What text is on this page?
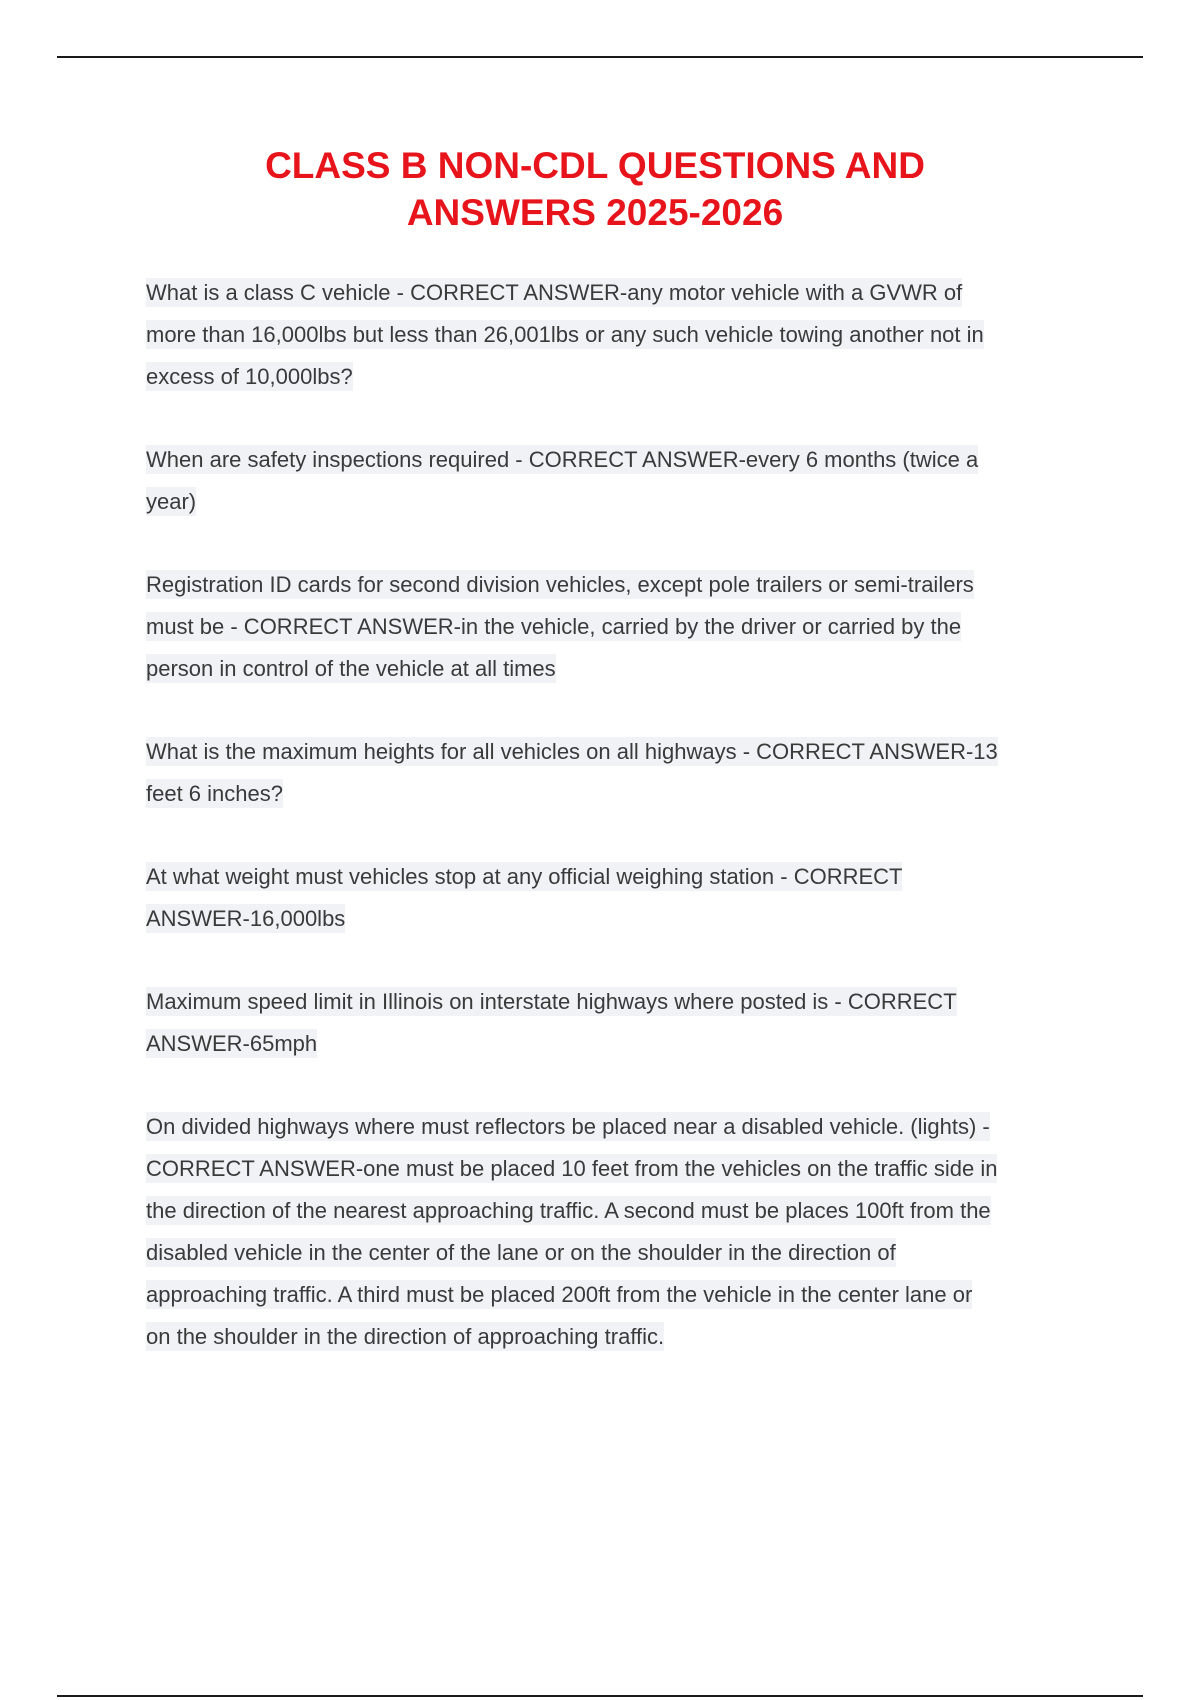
CLASS B NON-CDL QUESTIONS AND
ANSWERS 2025-2026

What is a class C vehicle - CORRECT ANSWER-any motor vehicle with a GVWR of
more than 16,000lbs but less than 26,001lbs or any such vehicle towing another not in
excess of 10,000lbs?

When are safety inspections required - CORRECT ANSWER-every 6 months (twice a
year)

Registration ID cards for second division vehicles, except pole trailers or semi-trailers
must be - CORRECT ANSWER-in the vehicle, carried by the driver or carried by the
person in control of the vehicle at all times

What is the maximum heights for all vehicles on all highways - CORRECT ANSWER-13
feet 6 inches?

At what weight must vehicles stop at any official weighing station - CORRECT
ANSWER-16,000lbs

Maximum speed limit in Illinois on interstate highways where posted is - CORRECT
ANSWER-65mph

On divided highways where must reflectors be placed near a disabled vehicle. (lights) -
CORRECT ANSWER-one must be placed 10 feet from the vehicles on the traffic side in
the direction of the nearest approaching traffic. A second must be places 100ft from the
disabled vehicle in the center of the lane or on the shoulder in the direction of
approaching traffic. A third must be placed 200ft from the vehicle in the center lane or
on the shoulder in the direction of approaching traffic.
